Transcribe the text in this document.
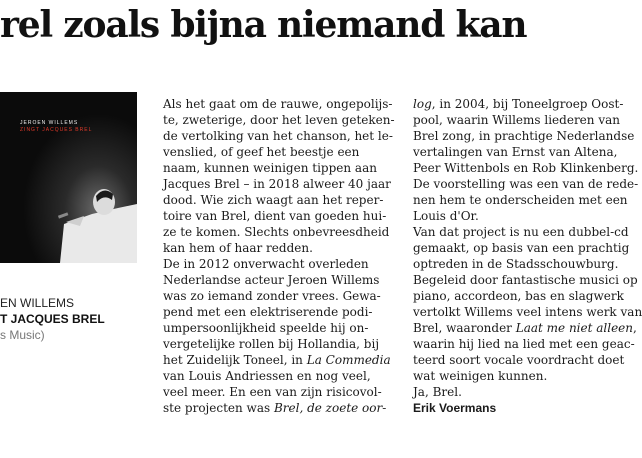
rel zoals bijna niemand kan
JEROEN WILLEMS
ZINGT JACQUES BREL
EN WILLEMS
T JACQUES BREL
s Music)
Als het gaat om de rauwe, ongepolijs-
te, zweterige, door het leven geteken-
de vertolking van het chanson, het le-
venslied, of geef het beestje een
naam, kunnen weinigen tippen aan
Jacques Brel – in 2018 alweer 40 jaar
dood. Wie zich waagt aan het reper-
toire van Brel, dient van goeden hui-
ze te komen. Slechts onbevreesdheid
kan hem of haar redden.
De in 2012 onverwacht overleden
Nederlandse acteur Jeroen Willems
was zo iemand zonder vrees. Gewa-
pend met een elektriserende podi-
umpersoonlijkheid speelde hij on-
vergetelijke rollen bij Hollandia, bij
het Zuidelijk Toneel, in La Commedia
van Louis Andriessen en nog veel,
veel meer. En een van zijn risicovol-
ste projecten was Brel, de zoete oor-
log, in 2004, bij Toneelgroep Oost-
pool, waarin Willems liederen van
Brel zong, in prachtige Nederlandse
vertalingen van Ernst van Altena,
Peer Wittenbols en Rob Klinkenberg.
De voorstelling was een van de rede-
nen hem te onderscheiden met een
Louis d'Or.
Van dat project is nu een dubbel-cd
gemaakt, op basis van een prachtig
optreden in de Stadsschouwburg.
Begeleid door fantastische musici op
piano, accordeon, bas en slagwerk
vertolkt Willems veel intens werk van
Brel, waaronder Laat me niet alleen,
waarin hij lied na lied met een geac-
teerd soort vocale voordracht doet
wat weinigen kunnen.
Ja, Brel.
Erik Voermans
